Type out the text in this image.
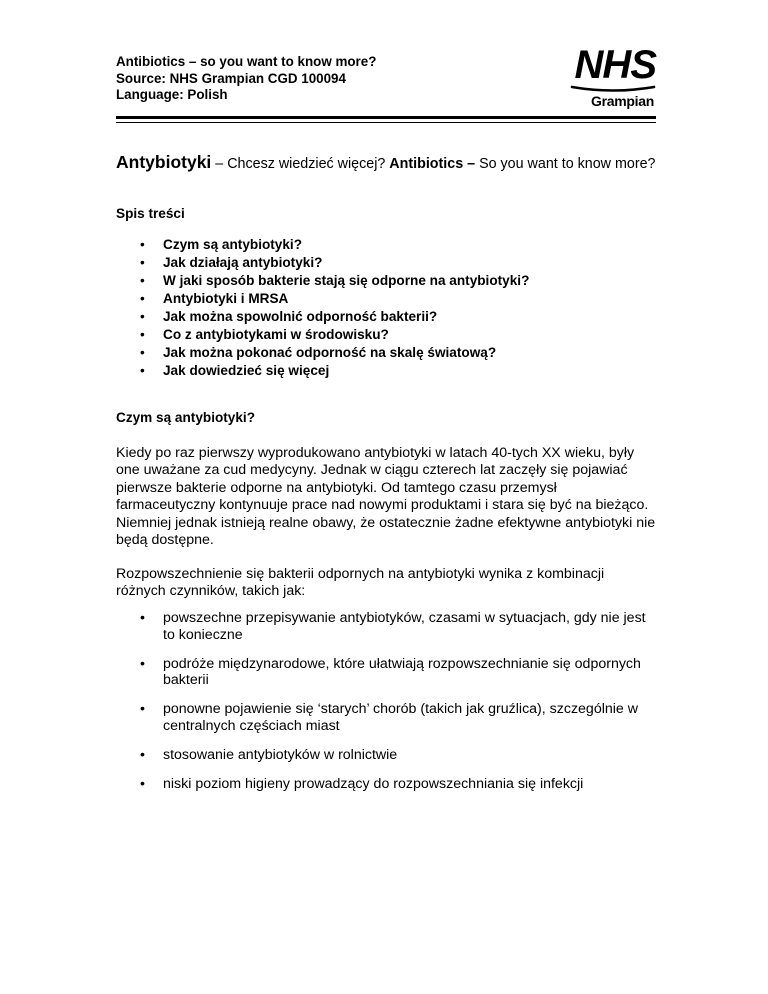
Antibiotics – so you want to know more?
Source: NHS Grampian CGD 100094
Language: Polish
NHS
Grampian
Antybiotyki – Chcesz wiedzieć więcej? Antibiotics – So you want to know more?
Spis treści
• Czym są antybiotyki?
• Jak działają antybiotyki?
• W jaki sposób bakterie stają się odporne na antybiotyki?
• Antybiotyki i MRSA
• Jak można spowolnić odporność bakterii?
• Co z antybiotykami w środowisku?
• Jak można pokonać odporność na skalę światową?
• Jak dowiedzieć się więcej
Czym są antybiotyki?
Kiedy po raz pierwszy wyprodukowano antybiotyki w latach 40-tych XX wieku, były one uważane za cud medycyny. Jednak w ciągu czterech lat zaczęły się pojawiać pierwsze bakterie odporne na antybiotyki. Od tamtego czasu przemysł farmaceutyczny kontynuuje prace nad nowymi produktami i stara się być na bieżąco. Niemniej jednak istnieją realne obawy, że ostatecznie żadne efektywne antybiotyki nie będą dostępne.
Rozpowszechnienie się bakterii odpornych na antybiotyki wynika z kombinacji różnych czynników, takich jak:
• powszechne przepisywanie antybiotyków, czasami w sytuacjach, gdy nie jest to konieczne
• podróże międzynarodowe, które ułatwiają rozpowszechnianie się odpornych bakterii
• ponowne pojawienie się ‘starych’ chorób (takich jak gruźlica), szczególnie w centralnych częściach miast
• stosowanie antybiotyków w rolnictwie
• niski poziom higieny prowadzący do rozpowszechniania się infekcji
